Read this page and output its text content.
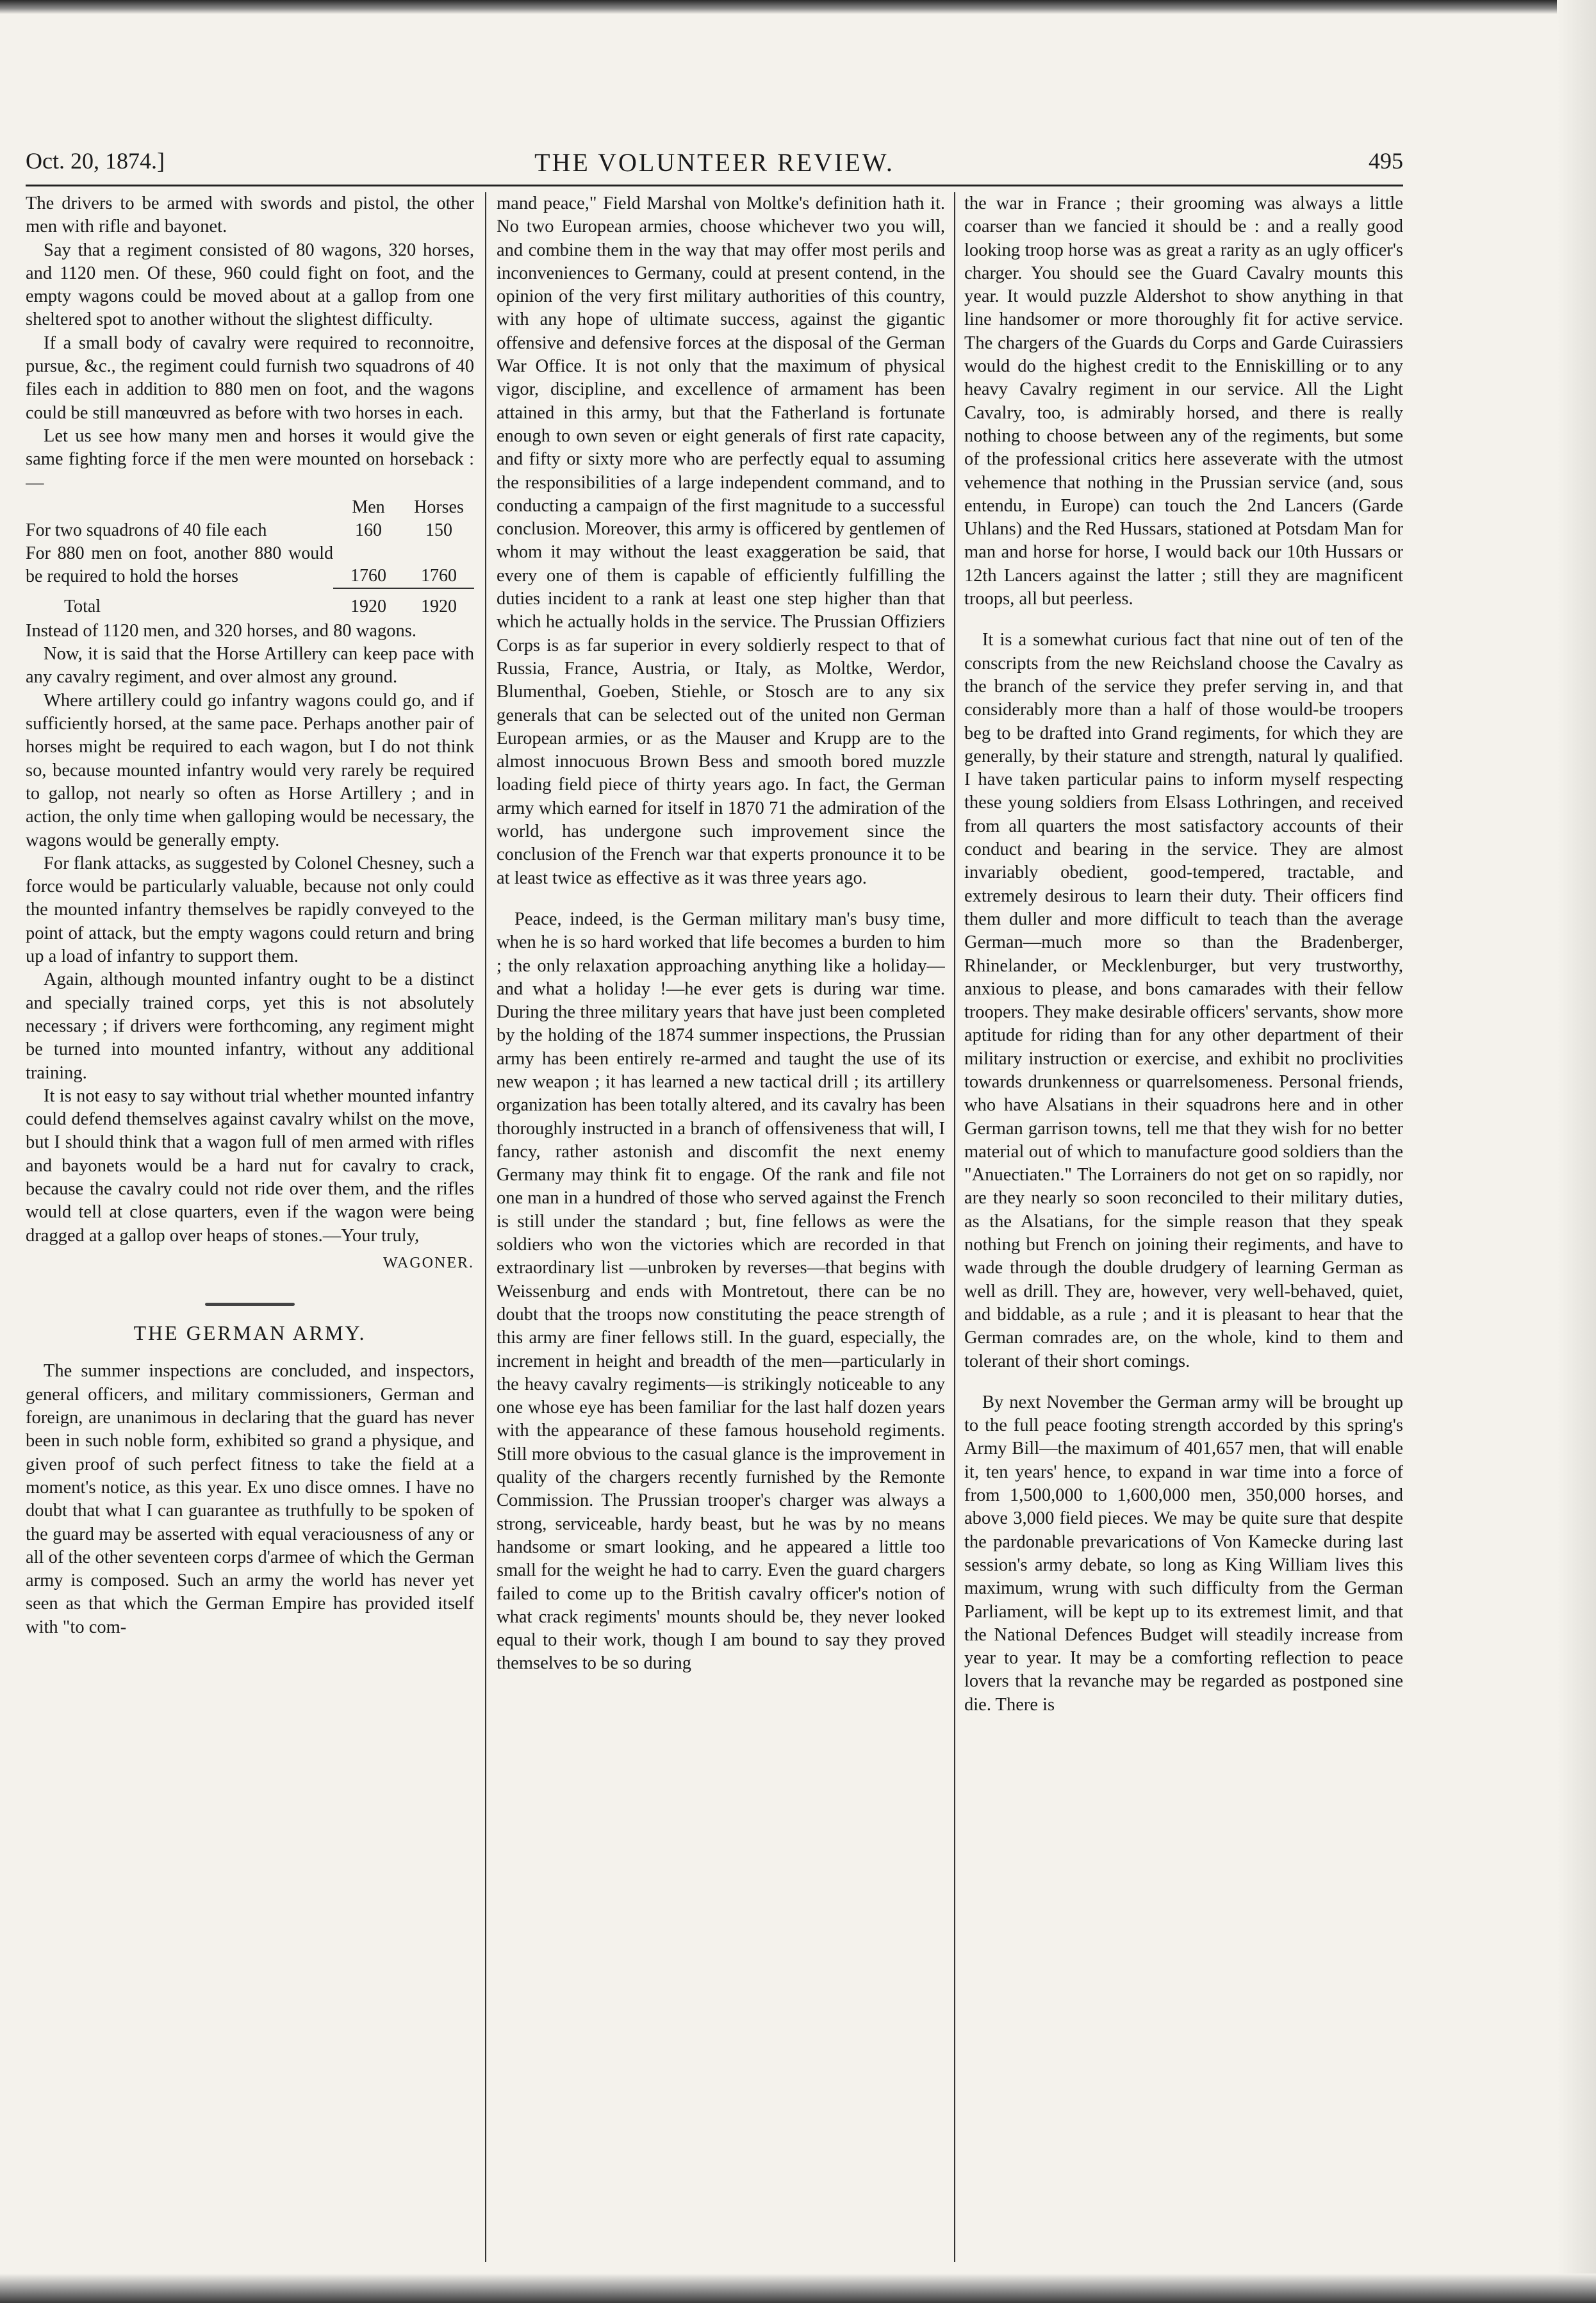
Oct. 20, 1874.]	THE VOLUNTEER REVIEW.	495

The drivers to be armed with swords and pistol, the other men with rifle and bayonet.

Say that a regiment consisted of 80 wagons, 320 horses, and 1120 men. Of these, 960 could fight on foot, and the empty wagons could be moved about at a gallop from one sheltered spot to another without the slightest difficulty.

If a small body of cavalry were required to reconnoitre, pursue, &c., the regiment could furnish two squadrons of 40 files each in addition to 880 men on foot, and the wagons could be still manœuvred as before with two horses in each.

Let us see how many men and horses it would give the same fighting force if the men were mounted on horseback :—

	Men	Horses
For two squadrons of 40 file each	160	150
For 880 men on foot, another 880 would be required to hold the horses	1760	1760
Total	1920	1920

Instead of 1120 men, and 320 horses, and 80 wagons.

Now, it is said that the Horse Artillery can keep pace with any cavalry regiment, and over almost any ground.

Where artillery could go infantry wagons could go, and if sufficiently horsed, at the same pace. Perhaps another pair of horses might be required to each wagon, but I do not think so, because mounted infantry would very rarely be required to gallop, not nearly so often as Horse Artillery ; and in action, the only time when galloping would be necessary, the wagons would be generally empty.

For flank attacks, as suggested by Colonel Chesney, such a force would be particularly valuable, because not only could the mounted infantry themselves be rapidly conveyed to the point of attack, but the empty wagons could return and bring up a load of infantry to support them.

Again, although mounted infantry ought to be a distinct and specially trained corps, yet this is not absolutely necessary ; if drivers were forthcoming, any regiment might be turned into mounted infantry, without any additional training.

It is not easy to say without trial whether mounted infantry could defend themselves against cavalry whilst on the move, but I should think that a wagon full of men armed with rifles and bayonets would be a hard nut for cavalry to crack, because the cavalry could not ride over them, and the rifles would tell at close quarters, even if the wagon were being dragged at a gallop over heaps of stones.—Your truly,

WAGONER.
THE GERMAN ARMY.

The summer inspections are concluded, and inspectors, general officers, and military commissioners, German and foreign, are unanimous in declaring that the guard has never been in such noble form, exhibited so grand a physique, and given proof of such perfect fitness to take the field at a moment's notice, as this year. Ex uno disce omnes. I have no doubt that what I can guarantee as truthfully to be spoken of the guard may be asserted with equal veraciousness of any or all of the other seventeen corps d'armee of which the German army is composed. Such an army the world has never yet seen as that which the German Empire has provided itself with "to com-

mand peace," Field Marshal von Moltke's definition hath it. No two European armies, choose whichever two you will, and combine them in the way that may offer most perils and inconveniences to Germany, could at present contend, in the opinion of the very first military authorities of this country, with any hope of ultimate success, against the gigantic offensive and defensive forces at the disposal of the German War Office. It is not only that the maximum of physical vigor, discipline, and excellence of armament has been attained in this army, but that the Fatherland is fortunate enough to own seven or eight generals of first rate capacity, and fifty or sixty more who are perfectly equal to assuming the responsibilities of a large independent command, and to conducting a campaign of the first magnitude to a successful conclusion. Moreover, this army is officered by gentlemen of whom it may without the least exaggeration be said, that every one of them is capable of efficiently fulfilling the duties incident to a rank at least one step higher than that which he actually holds in the service. The Prussian Offiziers Corps is as far superior in every soldierly respect to that of Russia, France, Austria, or Italy, as Moltke, Werdor, Blumenthal, Goeben, Stiehle, or Stosch are to any six generals that can be selected out of the united non German European armies, or as the Mauser and Krupp are to the almost innocuous Brown Bess and smooth bored muzzle loading field piece of thirty years ago. In fact, the German army which earned for itself in 1870 71 the admiration of the world, has undergone such improvement since the conclusion of the French war that experts pronounce it to be at least twice as effective as it was three years ago.

Peace, indeed, is the German military man's busy time, when he is so hard worked that life becomes a burden to him ; the only relaxation approaching anything like a holiday—and what a holiday !—he ever gets is during war time. During the three military years that have just been completed by the holding of the 1874 summer inspections, the Prussian army has been entirely re-armed and taught the use of its new weapon ; it has learned a new tactical drill ; its artillery organization has been totally altered, and its cavalry has been thoroughly instructed in a branch of offensiveness that will, I fancy, rather astonish and discomfit the next enemy Germany may think fit to engage. Of the rank and file not one man in a hundred of those who served against the French is still under the standard ; but, fine fellows as were the soldiers who won the victories which are recorded in that extraordinary list —unbroken by reverses—that begins with Weissenburg and ends with Montretout, there can be no doubt that the troops now constituting the peace strength of this army are finer fellows still. In the guard, especially, the increment in height and breadth of the men—particularly in the heavy cavalry regiments—is strikingly noticeable to any one whose eye has been familiar for the last half dozen years with the appearance of these famous household regiments. Still more obvious to the casual glance is the improvement in quality of the chargers recently furnished by the Remonte Commission. The Prussian trooper's charger was always a strong, serviceable, hardy beast, but he was by no means handsome or smart looking, and he appeared a little too small for the weight he had to carry. Even the guard chargers failed to come up to the British cavalry officer's notion of what crack regiments' mounts should be, they never looked equal to their work, though I am bound to say they proved themselves to be so during

the war in France ; their grooming was always a little coarser than we fancied it should be : and a really good looking troop horse was as great a rarity as an ugly officer's charger. You should see the Guard Cavalry mounts this year. It would puzzle Aldershot to show anything in that line handsomer or more thoroughly fit for active service. The chargers of the Guards du Corps and Garde Cuirassiers would do the highest credit to the Enniskilling or to any heavy Cavalry regiment in our service. All the Light Cavalry, too, is admirably horsed, and there is really nothing to choose between any of the regiments, but some of the professional critics here asseverate with the utmost vehemence that nothing in the Prussian service (and, sous entendu, in Europe) can touch the 2nd Lancers (Garde Uhlans) and the Red Hussars, stationed at Potsdam Man for man and horse for horse, I would back our 10th Hussars or 12th Lancers against the latter ; still they are magnificent troops, all but peerless.

It is a somewhat curious fact that nine out of ten of the conscripts from the new Reichsland choose the Cavalry as the branch of the service they prefer serving in, and that considerably more than a half of those would-be troopers beg to be drafted into Grand regiments, for which they are generally, by their stature and strength, natural ly qualified. I have taken particular pains to inform myself respecting these young soldiers from Elsass Lothringen, and received from all quarters the most satisfactory accounts of their conduct and bearing in the service. They are almost invariably obedient, good-tempered, tractable, and extremely desirous to learn their duty. Their officers find them duller and more difficult to teach than the average German—much more so than the Bradenberger, Rhinelander, or Mecklenburger, but very trustworthy, anxious to please, and bons camarades with their fellow troopers. They make desirable officers' servants, show more aptitude for riding than for any other department of their military instruction or exercise, and exhibit no proclivities towards drunkenness or quarrelsomeness. Personal friends, who have Alsatians in their squadrons here and in other German garrison towns, tell me that they wish for no better material out of which to manufacture good soldiers than the "Anuectiaten." The Lorrainers do not get on so rapidly, nor are they nearly so soon reconciled to their military duties, as the Alsatians, for the simple reason that they speak nothing but French on joining their regiments, and have to wade through the double drudgery of learning German as well as drill. They are, however, very well-behaved, quiet, and biddable, as a rule ; and it is pleasant to hear that the German comrades are, on the whole, kind to them and tolerant of their short comings.

By next November the German army will be brought up to the full peace footing strength accorded by this spring's Army Bill—the maximum of 401,657 men, that will enable it, ten years' hence, to expand in war time into a force of from 1,500,000 to 1,600,000 men, 350,000 horses, and above 3,000 field pieces. We may be quite sure that despite the pardonable prevarications of Von Kamecke during last session's army debate, so long as King William lives this maximum, wrung with such difficulty from the German Parliament, will be kept up to its extremest limit, and that the National Defences Budget will steadily increase from year to year. It may be a comforting reflection to peace lovers that la revanche may be regarded as postponed sine die. There is
